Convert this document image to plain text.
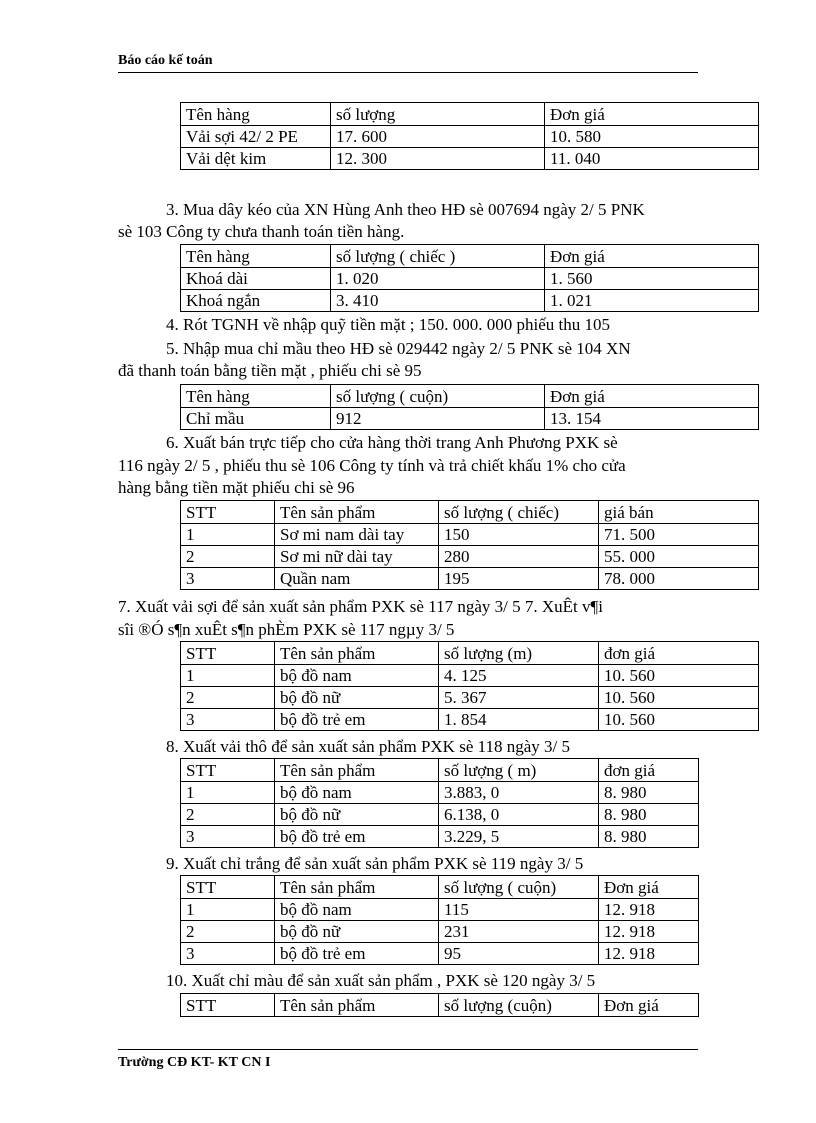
Báo cáo kế toán
Tên hàng	số lượng	Đơn giá
Vải sợi 42/ 2 PE	17. 600	10. 580
Vải dệt kim	12. 300	11. 040

3. Mua dây kéo của XN Hùng Anh theo HĐ sè 007694 ngày 2/ 5 PNK

sè 103 Công ty chưa thanh toán tiền hàng.

Tên hàng	số lượng ( chiếc )	Đơn giá
Khoá dài	1. 020	1. 560
Khoá ngắn	3. 410	1. 021

4. Rót TGNH về nhập quỹ tiền mặt ; 150. 000. 000 phiếu thu 105

5. Nhập mua chỉ mầu theo HĐ sè 029442 ngày 2/ 5 PNK sè 104 XN

đã thanh toán bằng tiền mặt , phiếu chi sè 95

Tên hàng	số lượng ( cuộn)	Đơn giá
Chỉ mầu	912	13. 154

6. Xuất bán trực tiếp cho cửa hàng thời trang Anh Phương PXK sè

116 ngày 2/ 5 , phiếu thu sè 106 Công ty tính và trả chiết khấu 1% cho cửa

hàng bằng tiền mặt phiếu chi sè 96

STT	Tên sản phẩm	số lượng ( chiếc)	giá bán
1	Sơ mi nam dài tay	150	71. 500
2	Sơ mi nữ dài tay	280	55. 000
3	Quần nam	195	78. 000

7. Xuất vải sợi để sản xuất sản phẩm PXK sè 117 ngày 3/ 5 7. XuÊt v¶i

sîi ®Ó s¶n xuÊt s¶n phÈm PXK sè 117 ngµy 3/ 5

STT	Tên sản phẩm	số lượng (m)	đơn giá
1	bộ đồ nam	4. 125	10. 560
2	bộ đồ nữ	5. 367	10. 560
3	bộ đồ trẻ em	1. 854	10. 560

8. Xuất vải thô để sản xuất sản phẩm PXK sè 118 ngày 3/ 5

STT	Tên sản phẩm	số lượng ( m)	đơn giá
1	bộ đồ nam	3.883, 0	8. 980
2	bộ đồ nữ	6.138, 0	8. 980
3	bộ đồ trẻ em	3.229, 5	8. 980

9. Xuất chỉ trắng để sản xuất sản phẩm PXK sè 119 ngày 3/ 5

STT	Tên sản phẩm	số lượng ( cuộn)	Đơn giá
1	bộ đồ nam	115	12. 918
2	bộ đồ nữ	231	12. 918
3	bộ đồ trẻ em	95	12. 918

10. Xuất chỉ màu để sản xuất sản phẩm , PXK sè 120 ngày 3/ 5

STT	Tên sản phẩm	số lượng (cuộn)	Đơn giá
Trường CĐ KT- KT CN I
